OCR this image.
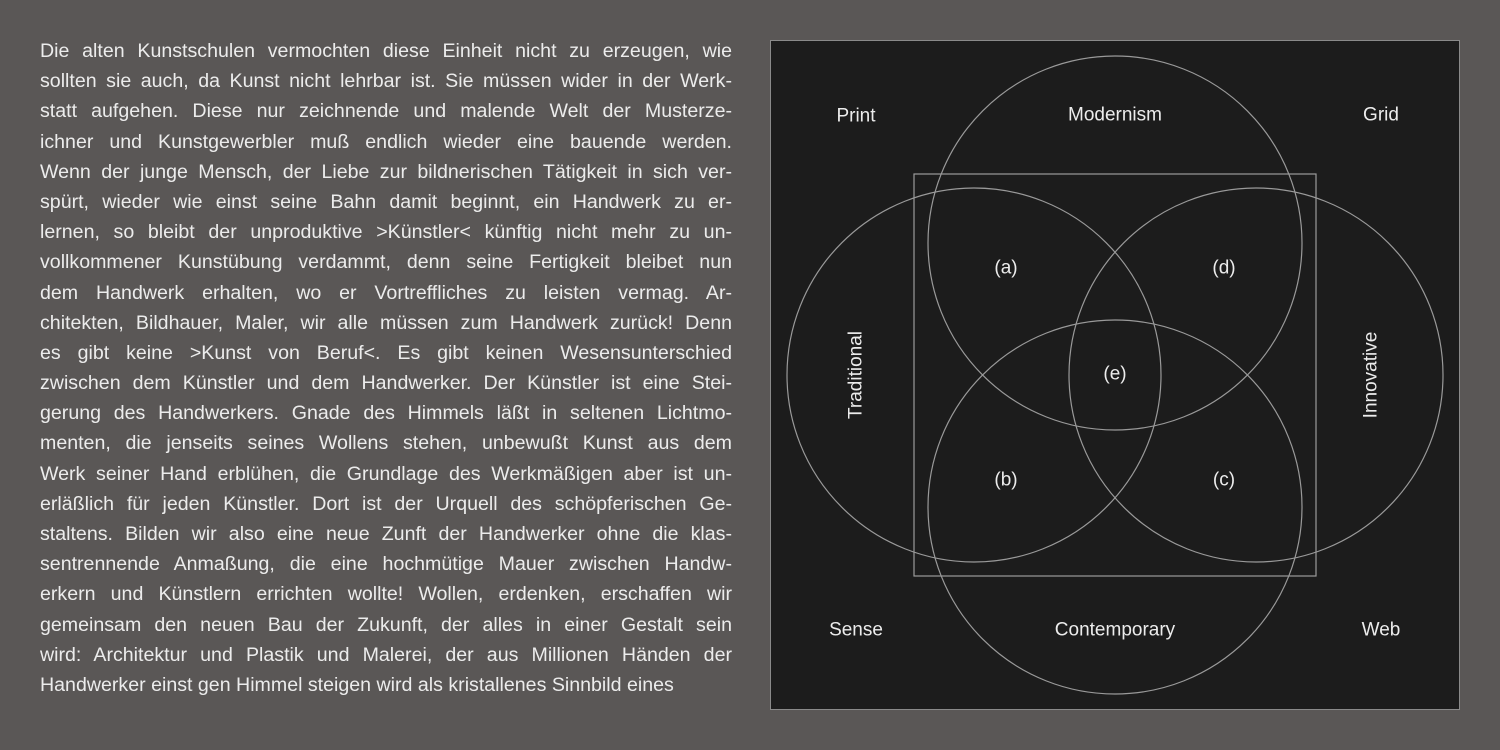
Die alten Kunstschulen vermochten diese Einheit nicht zu erzeugen, wie
sollten sie auch, da Kunst nicht lehrbar ist. Sie müssen wider in der Werk-
statt aufgehen. Diese nur zeichnende und malende Welt der Musterze-
ichner und Kunstgewerbler muß endlich wieder eine bauende werden.
Wenn der junge Mensch, der Liebe zur bildnerischen Tätigkeit in sich ver-
spürt, wieder wie einst seine Bahn damit beginnt, ein Handwerk zu er-
lernen, so bleibt der unproduktive >Künstler< künftig nicht mehr zu un-
vollkommener Kunstübung verdammt, denn seine Fertigkeit bleibet nun
dem Handwerk erhalten, wo er Vortreffliches zu leisten vermag. Ar-
chitekten, Bildhauer, Maler, wir alle müssen zum Handwerk zurück! Denn
es gibt keine >Kunst von Beruf<. Es gibt keinen Wesensunterschied
zwischen dem Künstler und dem Handwerker. Der Künstler ist eine Stei-
gerung des Handwerkers. Gnade des Himmels läßt in seltenen Lichtmo-
menten, die jenseits seines Wollens stehen, unbewußt Kunst aus dem
Werk seiner Hand erblühen, die Grundlage des Werkmäßigen aber ist un-
erläßlich für jeden Künstler. Dort ist der Urquell des schöpferischen Ge-
staltens. Bilden wir also eine neue Zunft der Handwerker ohne die klas-
sentrennende Anmaßung, die eine hochmütige Mauer zwischen Handw-
erkern und Künstlern errichten wollte! Wollen, erdenken, erschaffen wir
gemeinsam den neuen Bau der Zukunft, der alles in einer Gestalt sein
wird: Architektur und Plastik und Malerei, der aus Millionen Händen der
Handwerker einst gen Himmel steigen wird als kristallenes Sinnbild eines
Print	Grid
Sense	Web
Modernism
Contemporary
Traditional	Innovative
(a)	(d)
(e)
(b)	(c)
